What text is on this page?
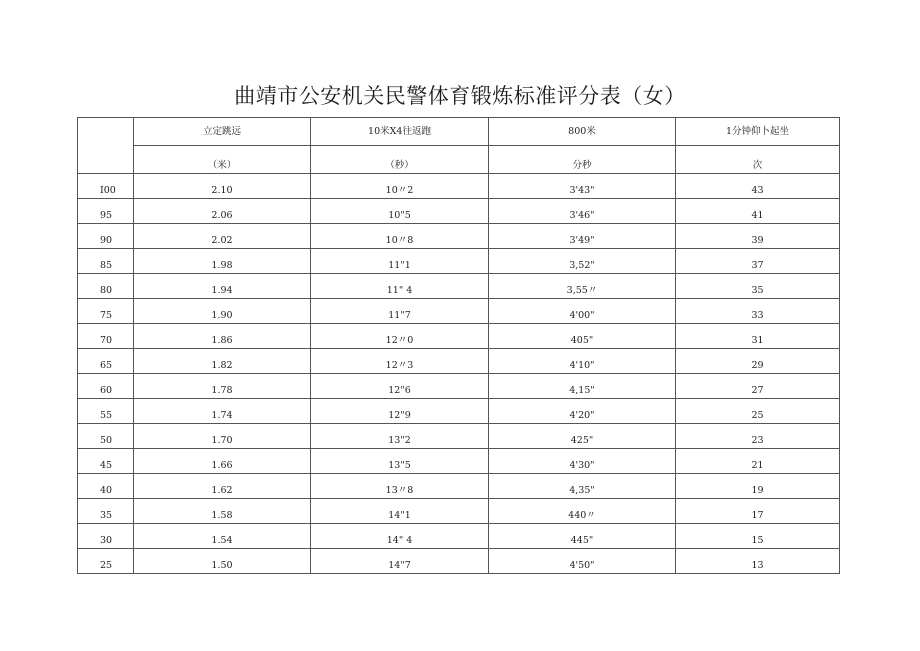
曲靖市公安机关民警体育锻炼标准评分表（女）
	立定跳远	10米X4往返跑	800米	1分钟仰卜起坐
	（米）	（秒）	分秒	次
I00	2.10	10〃2	3'43"	43
95	2.06	10"5	3'46"	41
90	2.02	10〃8	3'49"	39
85	1.98	11"1	3,52"	37
80	1.94	11" 4	3,55〃	35
75	1.90	11"7	4'00"	33
70	1.86	12〃0	405"	31
65	1.82	12〃3	4'10"	29
60	1.78	12"6	4,15"	27
55	1.74	12"9	4'20"	25
50	1.70	13"2	425"	23
45	1.66	13"5	4'30"	21
40	1.62	13〃8	4,35"	19
35	1.58	14"1	440〃	17
30	1.54	14" 4	445"	15
25	1.50	14"7	4'50"	13
